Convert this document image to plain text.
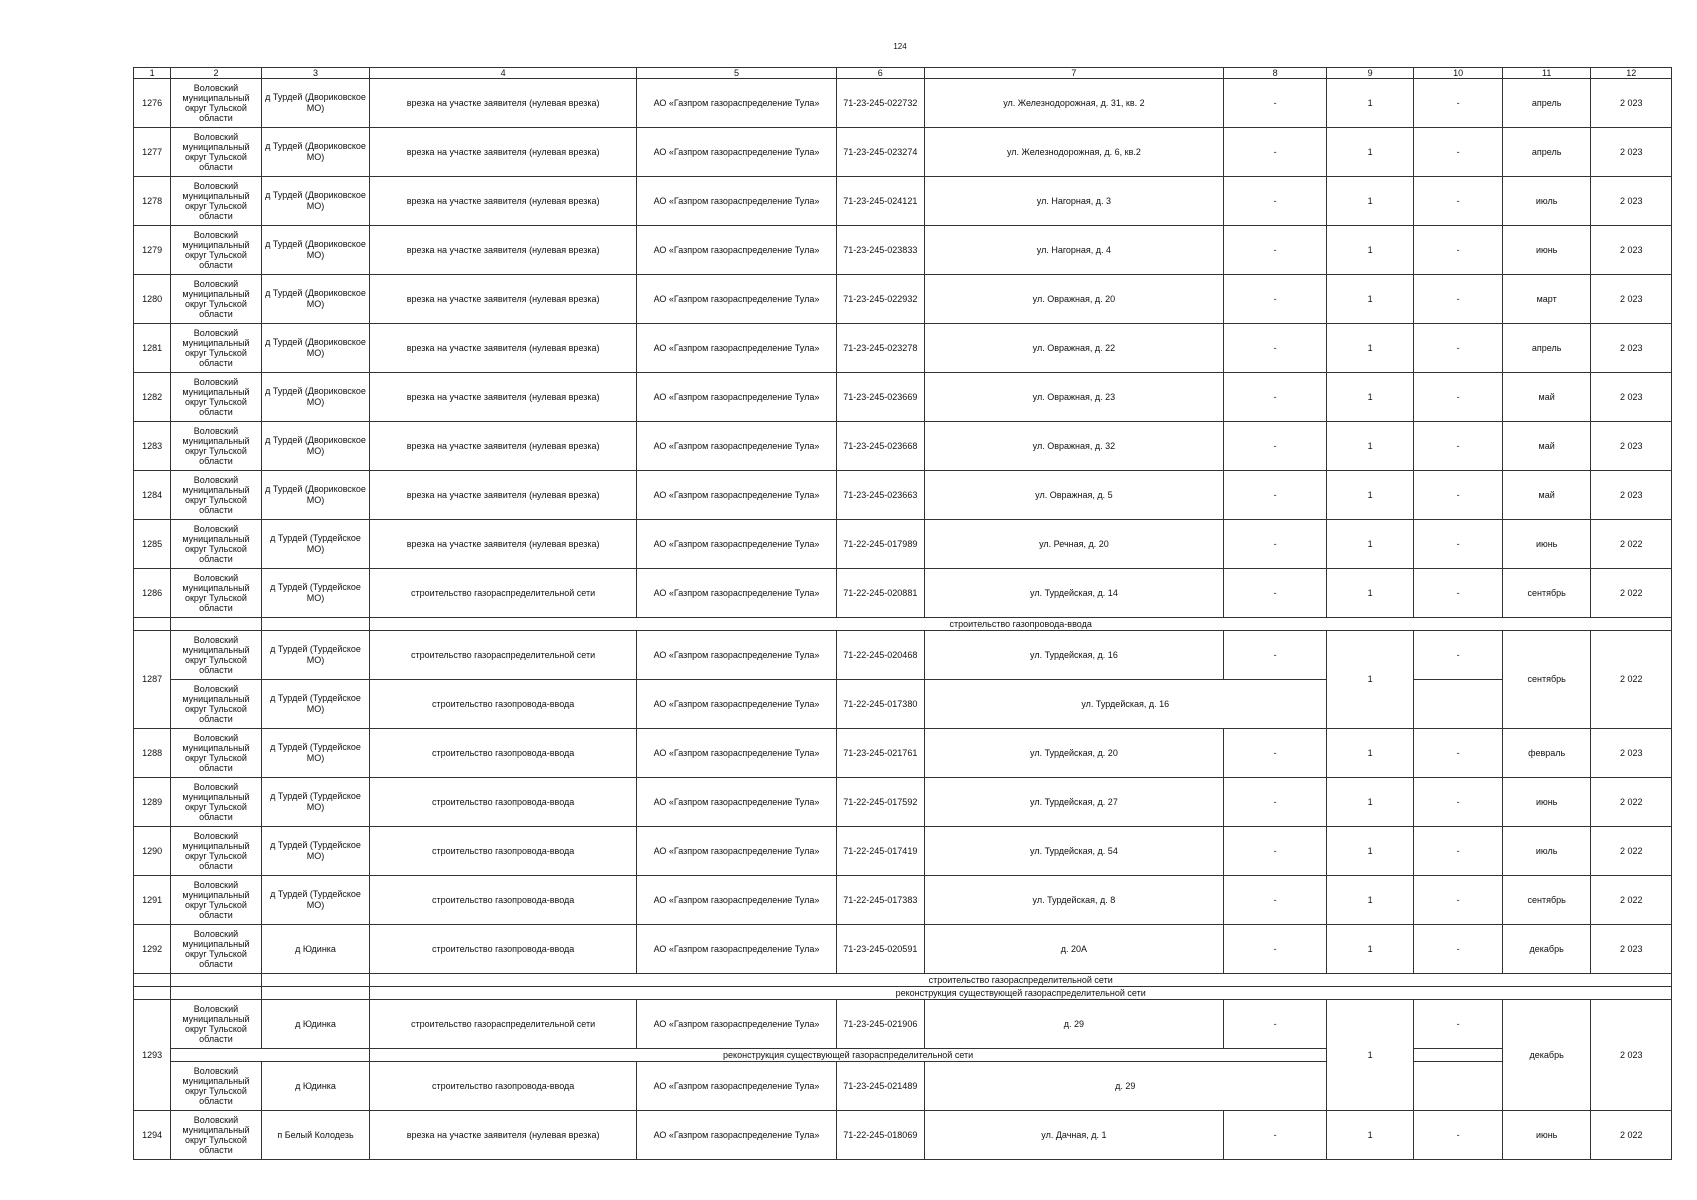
124
1	2	3	4	5	6	7	8	9	10	11	12
1276	Воловский муниципальный округ Тульской области	д Турдей (Двориковское МО)	врезка на участке заявителя (нулевая врезка)	АО «Газпром газораспределение Тула»	71-23-245-022732	ул. Железнодорожная, д. 31, кв. 2	-	1	-	апрель	2 023
1277	Воловский муниципальный округ Тульской области	д Турдей (Двориковское МО)	врезка на участке заявителя (нулевая врезка)	АО «Газпром газораспределение Тула»	71-23-245-023274	ул. Железнодорожная, д. 6, кв.2	-	1	-	апрель	2 023
1278	Воловский муниципальный округ Тульской области	д Турдей (Двориковское МО)	врезка на участке заявителя (нулевая врезка)	АО «Газпром газораспределение Тула»	71-23-245-024121	ул. Нагорная, д. 3	-	1	-	июль	2 023
1279	Воловский муниципальный округ Тульской области	д Турдей (Двориковское МО)	врезка на участке заявителя (нулевая врезка)	АО «Газпром газораспределение Тула»	71-23-245-023833	ул. Нагорная, д. 4	-	1	-	июнь	2 023
1280	Воловский муниципальный округ Тульской области	д Турдей (Двориковское МО)	врезка на участке заявителя (нулевая врезка)	АО «Газпром газораспределение Тула»	71-23-245-022932	ул. Овражная, д. 20	-	1	-	март	2 023
1281	Воловский муниципальный округ Тульской области	д Турдей (Двориковское МО)	врезка на участке заявителя (нулевая врезка)	АО «Газпром газораспределение Тула»	71-23-245-023278	ул. Овражная, д. 22	-	1	-	апрель	2 023
1282	Воловский муниципальный округ Тульской области	д Турдей (Двориковское МО)	врезка на участке заявителя (нулевая врезка)	АО «Газпром газораспределение Тула»	71-23-245-023669	ул. Овражная, д. 23	-	1	-	май	2 023
1283	Воловский муниципальный округ Тульской области	д Турдей (Двориковское МО)	врезка на участке заявителя (нулевая врезка)	АО «Газпром газораспределение Тула»	71-23-245-023668	ул. Овражная, д. 32	-	1	-	май	2 023
1284	Воловский муниципальный округ Тульской области	д Турдей (Двориковское МО)	врезка на участке заявителя (нулевая врезка)	АО «Газпром газораспределение Тула»	71-23-245-023663	ул. Овражная, д. 5	-	1	-	май	2 023
1285	Воловский муниципальный округ Тульской области	д Турдей (Турдейское МО)	врезка на участке заявителя (нулевая врезка)	АО «Газпром газораспределение Тула»	71-22-245-017989	ул. Речная, д. 20	-	1	-	июнь	2 022
1286	Воловский муниципальный округ Тульской области	д Турдей (Турдейское МО)	строительство газораспределительной сети	АО «Газпром газораспределение Тула»	71-22-245-020881	ул. Турдейская, д. 14	-	1	-	сентябрь	2 022
			строительство газопровода-ввода								
1287	Воловский муниципальный округ Тульской области	д Турдей (Турдейское МО)	строительство газораспределительной сети	АО «Газпром газораспределение Тула»	71-22-245-020468	ул. Турдейская, д. 16	-	1	-	сентябрь	2 022
	Воловский муниципальный округ Тульской области	д Турдей (Турдейское МО)	строительство газопровода-ввода	АО «Газпром газораспределение Тула»	71-22-245-017380	ул. Турдейская, д. 16					
1288	Воловский муниципальный округ Тульской области	д Турдей (Турдейское МО)	строительство газопровода-ввода	АО «Газпром газораспределение Тула»	71-23-245-021761	ул. Турдейская, д. 20	-	1	-	февраль	2 023
1289	Воловский муниципальный округ Тульской области	д Турдей (Турдейское МО)	строительство газопровода-ввода	АО «Газпром газораспределение Тула»	71-22-245-017592	ул. Турдейская, д. 27	-	1	-	июнь	2 022
1290	Воловский муниципальный округ Тульской области	д Турдей (Турдейское МО)	строительство газопровода-ввода	АО «Газпром газораспределение Тула»	71-22-245-017419	ул. Турдейская, д. 54	-	1	-	июль	2 022
1291	Воловский муниципальный округ Тульской области	д Турдей (Турдейское МО)	строительство газопровода-ввода	АО «Газпром газораспределение Тула»	71-22-245-017383	ул. Турдейская, д. 8	-	1	-	сентябрь	2 022
1292	Воловский муниципальный округ Тульской области	д Юдинка	строительство газопровода-ввода	АО «Газпром газораспределение Тула»	71-23-245-020591	д. 20А	-	1	-	декабрь	2 023
			строительство газораспределительной сети								
			реконструкция существующей газораспределительной сети								
1293	Воловский муниципальный округ Тульской области	д Юдинка	строительство газораспределительной сети	АО «Газпром газораспределение Тула»	71-23-245-021906	д. 29	-	1	-	декабрь	2 023
			реконструкция существующей газораспределительной сети								
	Воловский муниципальный округ Тульской области	д Юдинка	строительство газопровода-ввода	АО «Газпром газораспределение Тула»	71-23-245-021489	д. 29					
1294	Воловский муниципальный округ Тульской области	п Белый Колодезь	врезка на участке заявителя (нулевая врезка)	АО «Газпром газораспределение Тула»	71-22-245-018069	ул. Дачная, д. 1	-	1	-	июнь	2 022
